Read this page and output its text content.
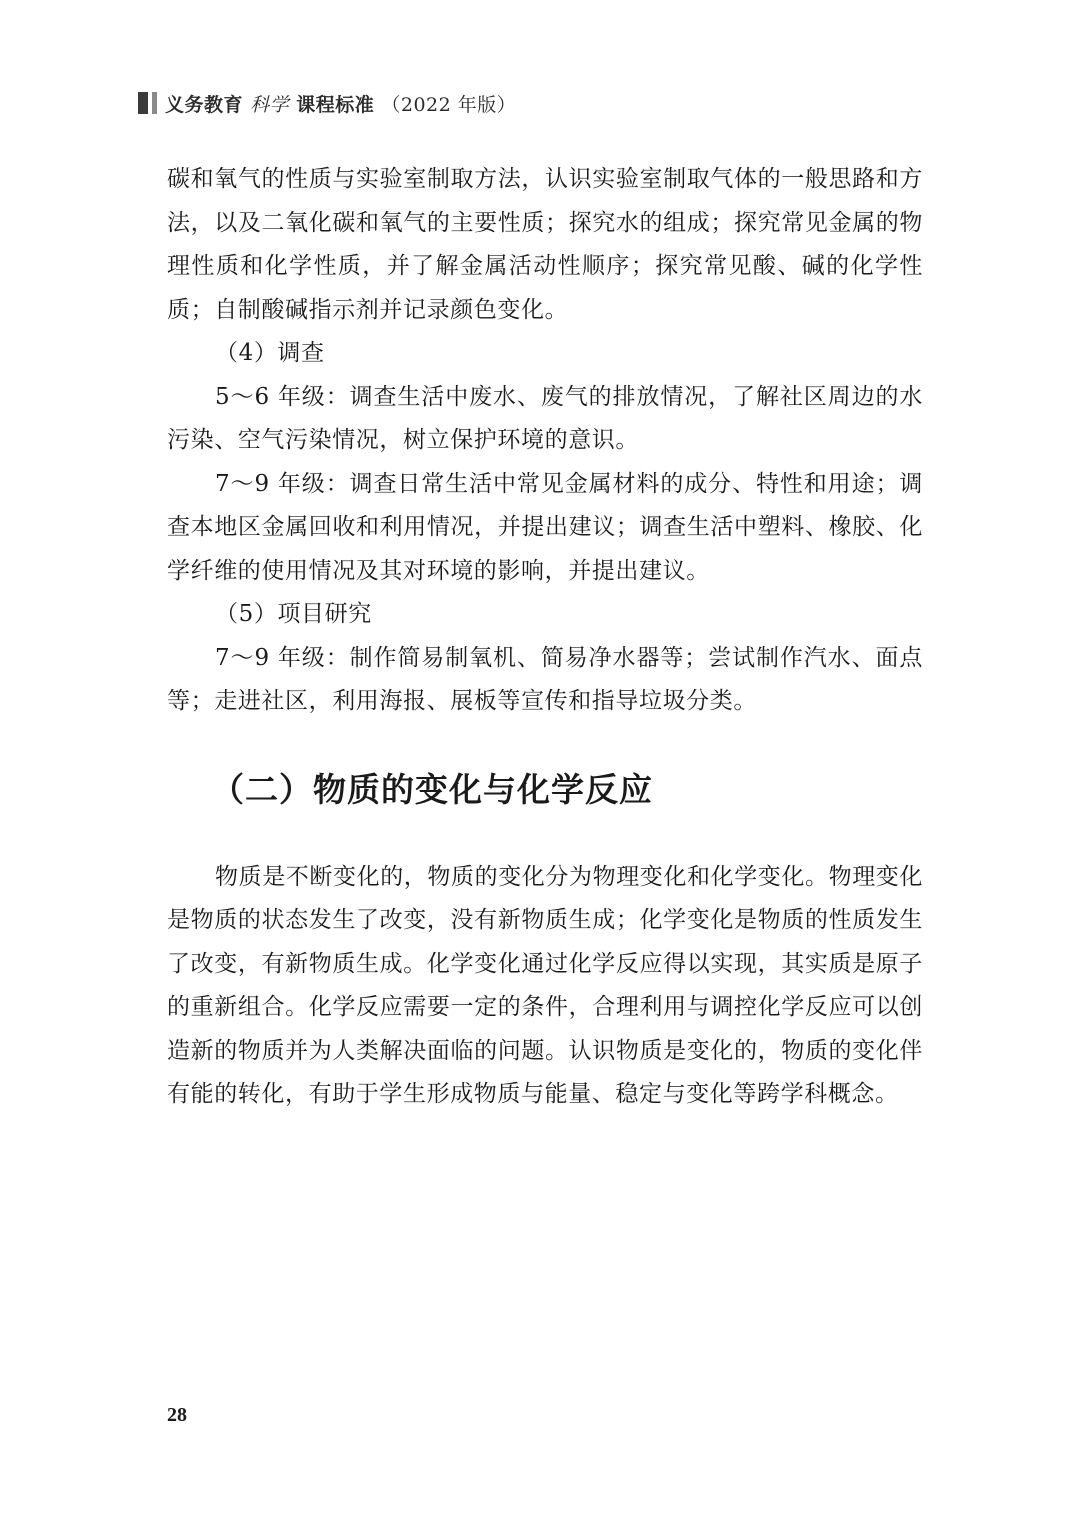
义务教育 科学 课程标准 （2022 年版）

碳和氧气的性质与实验室制取方法，认识实验室制取气体的一般思路和方法，以及二氧化碳和氧气的主要性质；探究水的组成；探究常见金属的物理性质和化学性质，并了解金属活动性顺序；探究常见酸、碱的化学性质；自制酸碱指示剂并记录颜色变化。

（4）调查

5～6 年级：调查生活中废水、废气的排放情况，了解社区周边的水污染、空气污染情况，树立保护环境的意识。

7～9 年级：调查日常生活中常见金属材料的成分、特性和用途；调查本地区金属回收和利用情况，并提出建议；调查生活中塑料、橡胶、化学纤维的使用情况及其对环境的影响，并提出建议。

（5）项目研究

7～9 年级：制作简易制氧机、简易净水器等；尝试制作汽水、面点等；走进社区，利用海报、展板等宣传和指导垃圾分类。

（二）物质的变化与化学反应

物质是不断变化的，物质的变化分为物理变化和化学变化。物理变化是物质的状态发生了改变，没有新物质生成；化学变化是物质的性质发生了改变，有新物质生成。化学变化通过化学反应得以实现，其实质是原子的重新组合。化学反应需要一定的条件，合理利用与调控化学反应可以创造新的物质并为人类解决面临的问题。认识物质是变化的，物质的变化伴有能的转化，有助于学生形成物质与能量、稳定与变化等跨学科概念。

28
